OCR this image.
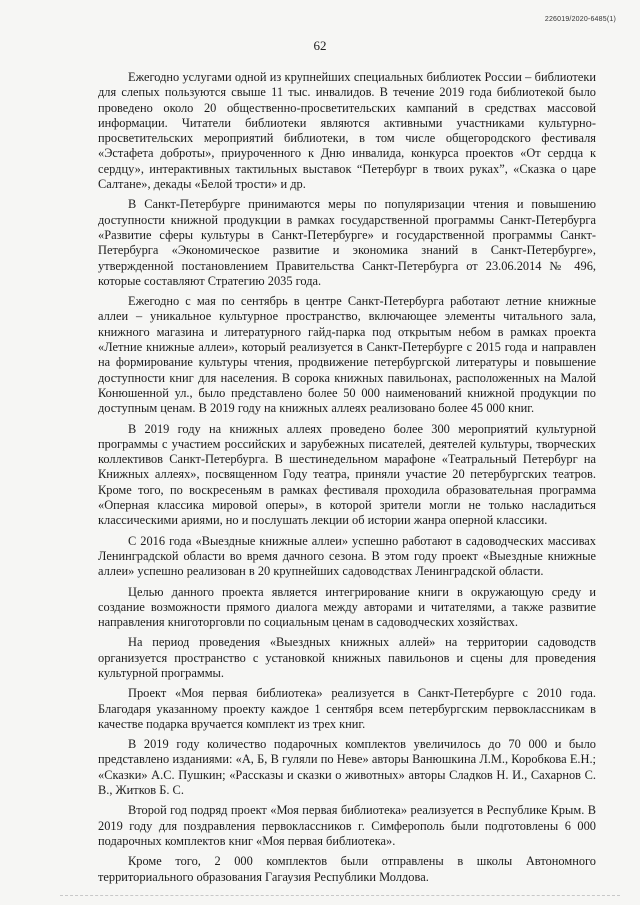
226019/2020-6485(1)
62

Ежегодно услугами одной из крупнейших специальных библиотек России – библиотеки для слепых пользуются свыше 11 тыс. инвалидов. В течение 2019 года библиотекой было проведено около 20 общественно-просветительских кампаний в средствах массовой информации. Читатели библиотеки являются активными участниками культурно-просветительских мероприятий библиотеки, в том числе общегородского фестиваля «Эстафета доброты», приуроченного к Дню инвалида, конкурса проектов «От сердца к сердцу», интерактивных тактильных выставок “Петербург в твоих руках”, «Сказка о царе Салтане», декады «Белой трости» и др.

В Санкт-Петербурге принимаются меры по популяризации чтения и повышению доступности книжной продукции в рамках государственной программы Санкт-Петербурга «Развитие сферы культуры в Санкт-Петербурге» и государственной программы Санкт-Петербурга «Экономическое развитие и экономика знаний в Санкт-Петербурге», утвержденной постановлением Правительства Санкт-Петербурга от 23.06.2014 № 496, которые составляют Стратегию 2035 года.

Ежегодно с мая по сентябрь в центре Санкт-Петербурга работают летние книжные аллеи – уникальное культурное пространство, включающее элементы читального зала, книжного магазина и литературного гайд-парка под открытым небом в рамках проекта «Летние книжные аллеи», который реализуется в Санкт-Петербурге с 2015 года и направлен на формирование культуры чтения, продвижение петербургской литературы и повышение доступности книг для населения. В сорока книжных павильонах, расположенных на Малой Конюшенной ул., было представлено более 50 000 наименований книжной продукции по доступным ценам. В 2019 году на книжных аллеях реализовано более 45 000 книг.

В 2019 году на книжных аллеях проведено более 300 мероприятий культурной программы с участием российских и зарубежных писателей, деятелей культуры, творческих коллективов Санкт-Петербурга. В шестинедельном марафоне «Театральный Петербург на Книжных аллеях», посвященном Году театра, приняли участие 20 петербургских театров. Кроме того, по воскресеньям в рамках фестиваля проходила образовательная программа «Оперная классика мировой оперы», в которой зрители могли не только насладиться классическими ариями, но и послушать лекции об истории жанра оперной классики.

С 2016 года «Выездные книжные аллеи» успешно работают в садоводческих массивах Ленинградской области во время дачного сезона. В этом году проект «Выездные книжные аллеи» успешно реализован в 20 крупнейших садоводствах Ленинградской области.

Целью данного проекта является интегрирование книги в окружающую среду и создание возможности прямого диалога между авторами и читателями, а также развитие направления книготорговли по социальным ценам в садоводческих хозяйствах.

На период проведения «Выездных книжных аллей» на территории садоводств организуется пространство с установкой книжных павильонов и сцены для проведения культурной программы.

Проект «Моя первая библиотека» реализуется в Санкт-Петербурге с 2010 года. Благодаря указанному проекту каждое 1 сентября всем петербургским первоклассникам в качестве подарка вручается комплект из трех книг.

В 2019 году количество подарочных комплектов увеличилось до 70 000 и было представлено изданиями: «А, Б, В гуляли по Неве» авторы Ванюшкина Л.М., Коробкова Е.Н.; «Сказки» А.С. Пушкин; «Рассказы и сказки о животных» авторы Сладков Н. И., Сахарнов С. В., Житков Б. С.

Второй год подряд проект «Моя первая библиотека» реализуется в Республике Крым. В 2019 году для поздравления первоклассников г. Симферополь были подготовлены 6 000 подарочных комплектов книг «Моя первая библиотека».

Кроме того, 2 000 комплектов были отправлены в школы Автономного территориального образования Гагаузия Республики Молдова.
